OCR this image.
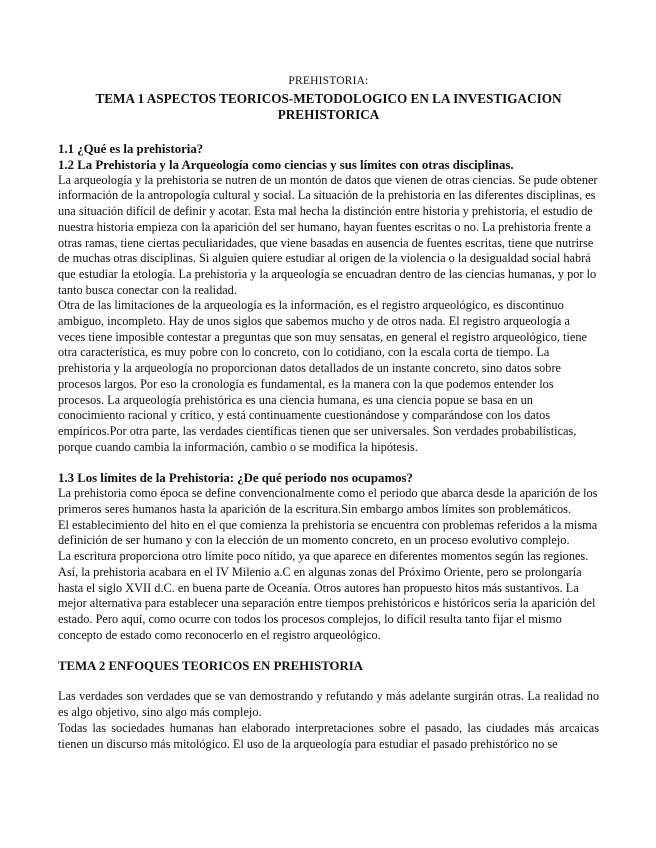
PREHISTORIA:
TEMA 1 ASPECTOS TEORICOS-METODOLOGICO EN LA INVESTIGACION
PREHISTORICA
1.1 ¿Qué es la prehistoria?
1.2 La Prehistoria y la Arqueología como ciencias y sus límites con otras disciplinas.

La arqueología y la prehistoria se nutren de un montón de datos que vienen de otras ciencias. Se pude obtener información de la antropología cultural y social. La situación de la prehistoria en las diferentes disciplinas, es una situación difícil de definir y acotar. Esta mal hecha la distinción entre historia y prehistoria, el estudio de nuestra historia empieza con la aparición del ser humano, hayan fuentes escritas o no. La prehistoria frente a otras ramas, tiene ciertas peculiaridades, que viene basadas en ausencia de fuentes escritas, tiene que nutrirse de muchas otras disciplinas. Si alguien quiere estudiar al origen de la violencia o la desigualdad social habrá que estudiar la etología. La prehistoria y la arqueología se encuadran dentro de las ciencias humanas, y por lo tanto busca conectar con la realidad.

Otra de las limitaciones de la arqueología es la información, es el registro arqueológico, es discontinuo ambiguo, incompleto. Hay de unos siglos que sabemos mucho y de otros nada. El registro arqueología a veces tiene imposible contestar a preguntas que son muy sensatas, en general el registro arqueológico, tiene otra característica, es muy pobre con lo concreto, con lo cotidiano, con la escala corta de tiempo. La prehistoria y la arqueología no proporcionan datos detallados de un instante concreto, sino datos sobre procesos largos. Por eso la cronología es fundamental, es la manera con la que podemos entender los procesos. La arqueología prehistórica es una ciencia humana, es una ciencia popue se basa en un conocimiento racional y crítico, y está continuamente cuestionándose y comparándose con los datos empíricos.Por otra parte, las verdades científicas tienen que ser universales. Son verdades probabilísticas, porque cuando cambia la información, cambio o se modifica la hipótesis.

1.3 Los límites de la Prehistoria: ¿De qué periodo nos ocupamos?

La prehistoria como época se define convencionalmente como el periodo que abarca desde la aparición de los primeros seres humanos hasta la aparición de la escritura.Sin embargo ambos límites son problemáticos.

El establecimiento del hito en el que comienza la prehistoria se encuentra con problemas referidos a la misma definición de ser humano y con la elección de un momento concreto, en un proceso evolutivo complejo.

La escritura proporciona otro límite poco nítido, ya que aparece en diferentes momentos según las regiones. Así, la prehistoria acabara en el IV Milenio a.C en algunas zonas del Próximo Oriente, pero se prolongaría hasta el siglo XVII d.C. en buena parte de Oceanía. Otros autores han propuesto hitos más sustantivos. La mejor alternativa para establecer una separación entre tiempos prehistóricos e históricos seria la aparición del estado. Pero aquí, como ocurre con todos los procesos complejos, lo difícil resulta tanto fijar el mismo concepto de estado como reconocerlo en el registro arqueológico.

TEMA 2 ENFOQUES TEORICOS EN PREHISTORIA

Las verdades son verdades que se van demostrando y refutando y más adelante surgirán otras. La realidad no es algo objetivo, sino algo más complejo.

Todas las sociedades humanas han elaborado interpretaciones sobre el pasado, las ciudades más arcaicas tienen un discurso más mitológico. El uso de la arqueología para estudiar el pasado prehistórico no se
